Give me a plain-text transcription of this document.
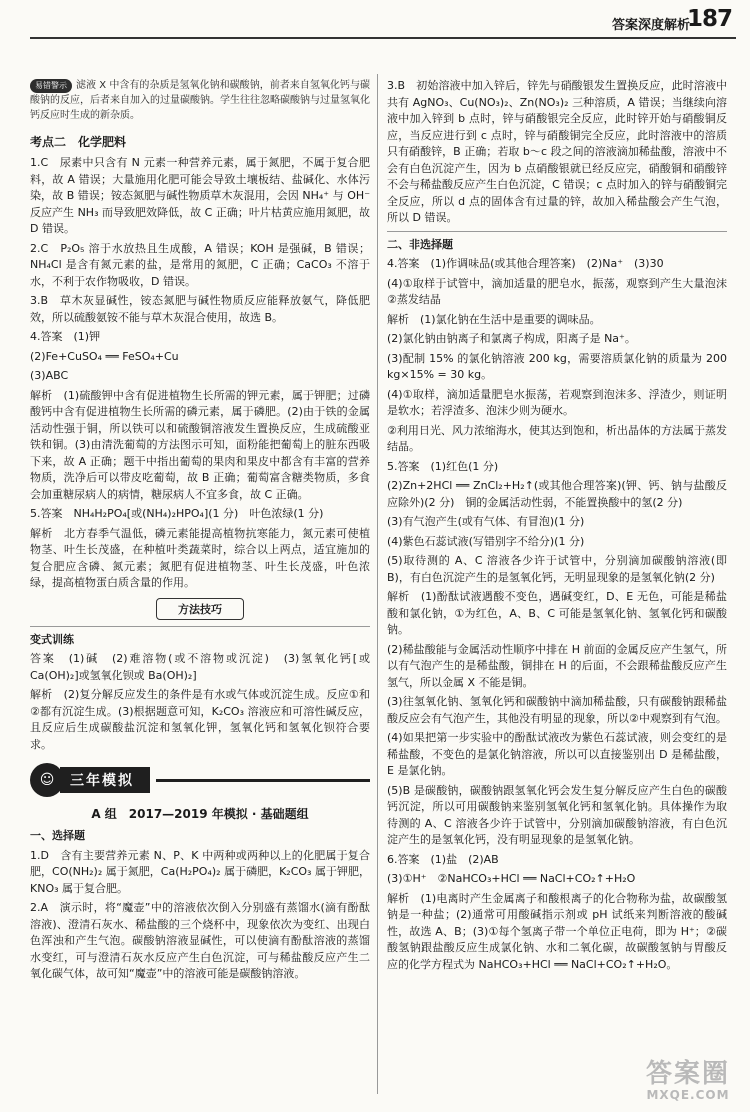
答案深度解析
187

易错警示 滤液 X 中含有的杂质是氢氧化钠和碳酸钠，前者来自氢氧化钙与碳酸钠的反应，后者来自加入的过量碳酸钠。学生往往忽略碳酸钠与过量氢氧化钙反应时生成的新杂质。

考点二　化学肥料

1.C　尿素中只含有 N 元素一种营养元素，属于氮肥，不属于复合肥料，故 A 错误；大量施用化肥可能会导致土壤板结、盐碱化、水体污染，故 B 错误；铵态氮肥与碱性物质草木灰混用，会因 NH₄⁺ 与 OH⁻ 反应产生 NH₃ 而导致肥效降低，故 C 正确；叶片枯黄应施用氮肥，故 D 错误。

2.C　P₂O₅ 溶于水放热且生成酸，A 错误；KOH 是强碱，B 错误；NH₄Cl 是含有氮元素的盐，是常用的氮肥，C 正确；CaCO₃ 不溶于水，不利于农作物吸收，D 错误。

3.B　草木灰显碱性，铵态氮肥与碱性物质反应能释放氨气，降低肥效，所以硫酸氨铵不能与草木灰混合使用，故选 B。

4.答案　(1)钾

(2)Fe+CuSO₄ ══ FeSO₄+Cu

(3)ABC

解析　(1)硫酸钾中含有促进植物生长所需的钾元素，属于钾肥；过磷酸钙中含有促进植物生长所需的磷元素，属于磷肥。(2)由于铁的金属活动性强于铜，所以铁可以和硫酸铜溶液发生置换反应，生成硫酸亚铁和铜。(3)由清洗葡萄的方法图示可知，面粉能把葡萄上的脏东西吸下来，故 A 正确；题干中指出葡萄的果肉和果皮中都含有丰富的营养物质，洗净后可以带皮吃葡萄，故 B 正确；葡萄富含糖类物质，多食会加重糖尿病人的病情，糖尿病人不宜多食，故 C 正确。

5.答案　NH₄H₂PO₄[或(NH₄)₂HPO₄](1 分)　叶色浓绿(1 分)

解析　北方春季气温低，磷元素能提高植物抗寒能力，氮元素可使植物茎、叶生长茂盛，在种植叶类蔬菜时，综合以上两点，适宜施加的复合肥应含磷、氮元素；氮肥有促进植物茎、叶生长茂盛，叶色浓绿，提高植物蛋白质含量的作用。

方法技巧

变式训练

答案　(1)碱　(2)难溶物(或不溶物或沉淀)　(3)氢氧化钙[或 Ca(OH)₂]或氢氧化钡或 Ba(OH)₂]

解析　(2)复分解反应发生的条件是有水或气体或沉淀生成。反应①和②都有沉淀生成。(3)根据题意可知，K₂CO₃ 溶液应和可溶性碱反应，且反应后生成碳酸盐沉淀和氢氧化钾，氢氧化钙和氢氧化钡符合要求。

☺	三年模拟
A 组　2017—2019 年模拟 · 基础题组

一、选择题

1.D　含有主要营养元素 N、P、K 中两种或两种以上的化肥属于复合肥，CO(NH₂)₂ 属于氮肥，Ca(H₂PO₄)₂ 属于磷肥，K₂CO₃ 属于钾肥，KNO₃ 属于复合肥。

2.A　演示时，将“魔壶”中的溶液依次倒入分别盛有蒸馏水(滴有酚酞溶液)、澄清石灰水、稀盐酸的三个烧杯中，现象依次为变红、出现白色浑浊和产生气泡。碳酸钠溶液显碱性，可以使滴有酚酞溶液的蒸馏水变红，可与澄清石灰水反应产生白色沉淀，可与稀盐酸反应产生二氧化碳气体，故可知“魔壶”中的溶液可能是碳酸钠溶液。

3.B　初始溶液中加入锌后，锌先与硝酸银发生置换反应，此时溶液中共有 AgNO₃、Cu(NO₃)₂、Zn(NO₃)₂ 三种溶质，A 错误；当继续向溶液中加入锌到 b 点时，锌与硝酸银完全反应，此时锌开始与硝酸铜反应，当反应进行到 c 点时，锌与硝酸铜完全反应，此时溶液中的溶质只有硝酸锌，B 正确；若取 b～c 段之间的溶液滴加稀盐酸，溶液中不会有白色沉淀产生，因为 b 点硝酸银就已经反应完，硝酸铜和硝酸锌不会与稀盐酸反应产生白色沉淀，C 错误；c 点时加入的锌与硝酸铜完全反应，所以 d 点的固体含有过量的锌，故加入稀盐酸会产生气泡，所以 D 错误。

二、非选择题

4.答案　(1)作调味品(或其他合理答案)　(2)Na⁺　(3)30

(4)①取样于试管中，滴加适量的肥皂水，振荡，观察到产生大量泡沫　②蒸发结晶

解析　(1)氯化钠在生活中是重要的调味品。

(2)氯化钠由钠离子和氯离子构成，阳离子是 Na⁺。

(3)配制 15% 的氯化钠溶液 200 kg，需要溶质氯化钠的质量为 200 kg×15% = 30 kg。

(4)①取样，滴加适量肥皂水振荡，若观察到泡沫多、浮渣少，则证明是软水；若浮渣多、泡沫少则为硬水。

②利用日光、风力浓缩海水，使其达到饱和，析出晶体的方法属于蒸发结晶。

5.答案　(1)红色(1 分)

(2)Zn+2HCl ══ ZnCl₂+H₂↑(或其他合理答案)(钾、钙、钠与盐酸反应除外)(2 分)　铜的金属活动性弱，不能置换酸中的氢(2 分)

(3)有气泡产生(或有气体、有冒泡)(1 分)

(4)紫色石蕊试液(写错别字不给分)(1 分)

(5)取待测的 A、C 溶液各少许于试管中，分别滴加碳酸钠溶液(即 B)，有白色沉淀产生的是氢氧化钙，无明显现象的是氢氧化钠(2 分)

解析　(1)酚酞试液遇酸不变色，遇碱变红，D、E 无色，可能是稀盐酸和氯化钠，①为红色，A、B、C 可能是氢氧化钠、氢氧化钙和碳酸钠。

(2)稀盐酸能与金属活动性顺序中排在 H 前面的金属反应产生氢气，所以有气泡产生的是稀盐酸，铜排在 H 的后面，不会跟稀盐酸反应产生氢气，所以金属 X 不能是铜。

(3)往氢氧化钠、氢氧化钙和碳酸钠中滴加稀盐酸，只有碳酸钠跟稀盐酸反应会有气泡产生，其他没有明显的现象，所以②中观察到有气泡。

(4)如果把第一步实验中的酚酞试液改为紫色石蕊试液，则会变红的是稀盐酸，不变色的是氯化钠溶液，所以可以直接鉴别出 D 是稀盐酸，E 是氯化钠。

(5)B 是碳酸钠，碳酸钠跟氢氧化钙会发生复分解反应产生白色的碳酸钙沉淀，所以可用碳酸钠来鉴别氢氧化钙和氢氧化钠。具体操作为取待测的 A、C 溶液各少许于试管中，分别滴加碳酸钠溶液，有白色沉淀产生的是氢氧化钙，没有明显现象的是氢氧化钠。

6.答案　(1)盐　(2)AB

(3)①H⁺　②NaHCO₃+HCl ══ NaCl+CO₂↑+H₂O

解析　(1)电离时产生金属离子和酸根离子的化合物称为盐，故碳酸氢钠是一种盐；(2)通常可用酸碱指示剂或 pH 试纸来判断溶液的酸碱性，故选 A、B；(3)①每个氢离子带一个单位正电荷，即为 H⁺；②碳酸氢钠跟盐酸反应生成氯化钠、水和二氧化碳，故碳酸氢钠与胃酸反应的化学方程式为 NaHCO₃+HCl ══ NaCl+CO₂↑+H₂O。

答案圈
MXQE.COM
